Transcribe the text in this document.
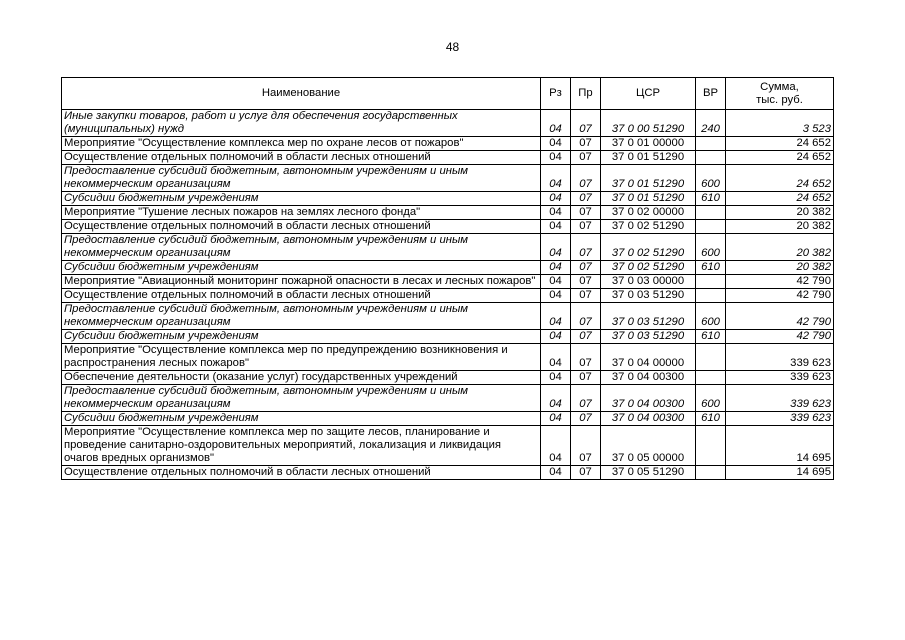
48
Наименование	Рз	Пр	ЦСР	ВР	Сумма,
тыс. руб.

Иные закупки товаров, работ и услуг для обеспечения государственных (муниципальных) нужд	04	07	37 0 00 51290	240	3 523
Мероприятие "Осуществление комплекса мер по охране лесов от пожаров"	04	07	37 0 01 00000		24 652
Осуществление отдельных полномочий в области лесных отношений	04	07	37 0 01 51290		24 652
Предоставление субсидий бюджетным, автономным учреждениям и иным некоммерческим организациям	04	07	37 0 01 51290	600	24 652
Субсидии бюджетным учреждениям	04	07	37 0 01 51290	610	24 652
Мероприятие "Тушение лесных пожаров на землях лесного фонда"	04	07	37 0 02 00000		20 382
Осуществление отдельных полномочий в области лесных отношений	04	07	37 0 02 51290		20 382
Предоставление субсидий бюджетным, автономным учреждениям и иным некоммерческим организациям	04	07	37 0 02 51290	600	20 382
Субсидии бюджетным учреждениям	04	07	37 0 02 51290	610	20 382
Мероприятие "Авиационный мониторинг пожарной опасности в лесах и лесных пожаров"	04	07	37 0 03 00000		42 790
Осуществление отдельных полномочий в области лесных отношений	04	07	37 0 03 51290		42 790
Предоставление субсидий бюджетным, автономным учреждениям и иным некоммерческим организациям	04	07	37 0 03 51290	600	42 790
Субсидии бюджетным учреждениям	04	07	37 0 03 51290	610	42 790
Мероприятие "Осуществление комплекса мер по предупреждению возникновения и распространения лесных пожаров"	04	07	37 0 04 00000		339 623
Обеспечение деятельности (оказание услуг) государственных учреждений	04	07	37 0 04 00300		339 623
Предоставление субсидий бюджетным, автономным учреждениям и иным некоммерческим организациям	04	07	37 0 04 00300	600	339 623
Субсидии бюджетным учреждениям	04	07	37 0 04 00300	610	339 623
Мероприятие "Осуществление комплекса мер по защите лесов, планирование и проведение санитарно-оздоровительных мероприятий, локализация и ликвидация очагов вредных организмов"	04	07	37 0 05 00000		14 695
Осуществление отдельных полномочий в области лесных отношений	04	07	37 0 05 51290		14 695
